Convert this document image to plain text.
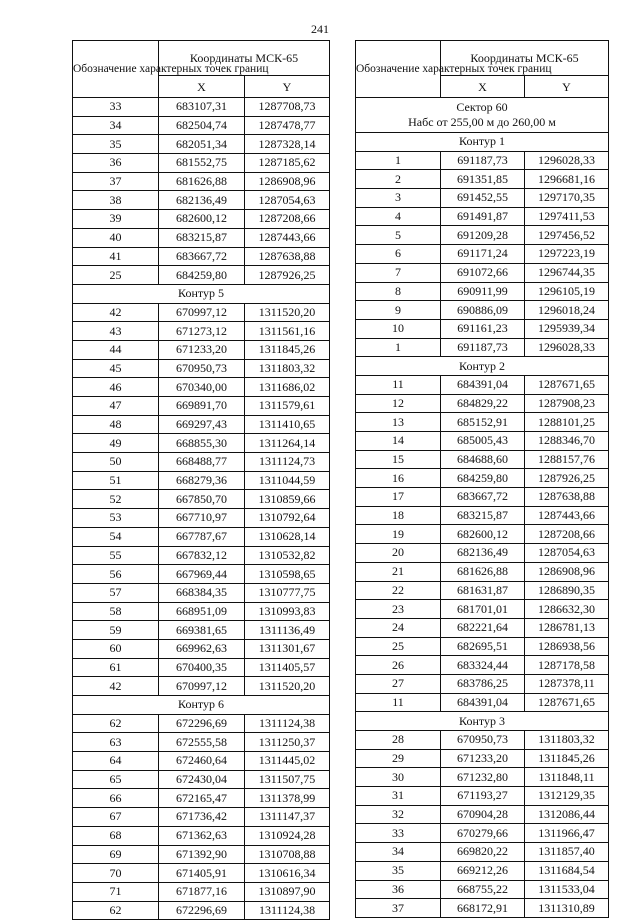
241
Обозначение характерных точек границ	Координаты МСК-65	
	X	Y
33	683107,31	1287708,73
34	682504,74	1287478,77
35	682051,34	1287328,14
36	681552,75	1287185,62
37	681626,88	1286908,96
38	682136,49	1287054,63
39	682600,12	1287208,66
40	683215,87	1287443,66
41	683667,72	1287638,88
25	684259,80	1287926,25
Контур 5		
42	670997,12	1311520,20
43	671273,12	1311561,16
44	671233,20	1311845,26
45	670950,73	1311803,32
46	670340,00	1311686,02
47	669891,70	1311579,61
48	669297,43	1311410,65
49	668855,30	1311264,14
50	668488,77	1311124,73
51	668279,36	1311044,59
52	667850,70	1310859,66
53	667710,97	1310792,64
54	667787,67	1310628,14
55	667832,12	1310532,82
56	667969,44	1310598,65
57	668384,35	1310777,75
58	668951,09	1310993,83
59	669381,65	1311136,49
60	669962,63	1311301,67
61	670400,35	1311405,57
42	670997,12	1311520,20
Контур 6		
62	672296,69	1311124,38
63	672555,58	1311250,37
64	672460,64	1311445,02
65	672430,04	1311507,75
66	672165,47	1311378,99
67	671736,42	1311147,37
68	671362,63	1310924,28
69	671392,90	1310708,88
70	671405,91	1310616,34
71	671877,16	1310897,90
62	672296,69	1311124,38
Обозначение характерных точек границ	Координаты МСК-65	
	X	Y

Сектор 60
Набс от 255,00 м до 260,00 м		

Контур 1		
1	691187,73	1296028,33
2	691351,85	1296681,16
3	691452,55	1297170,35
4	691491,87	1297411,53
5	691209,28	1297456,52
6	691171,24	1297223,19
7	691072,66	1296744,35
8	690911,99	1296105,19
9	690886,09	1296018,24
10	691161,23	1295939,34
1	691187,73	1296028,33
Контур 2		
11	684391,04	1287671,65
12	684829,22	1287908,23
13	685152,91	1288101,25
14	685005,43	1288346,70
15	684688,60	1288157,76
16	684259,80	1287926,25
17	683667,72	1287638,88
18	683215,87	1287443,66
19	682600,12	1287208,66
20	682136,49	1287054,63
21	681626,88	1286908,96
22	681631,87	1286890,35
23	681701,01	1286632,30
24	682221,64	1286781,13
25	682695,51	1286938,56
26	683324,44	1287178,58
27	683786,25	1287378,11
11	684391,04	1287671,65
Контур 3		
28	670950,73	1311803,32
29	671233,20	1311845,26
30	671232,80	1311848,11
31	671193,27	1312129,35
32	670904,28	1312086,44
33	670279,66	1311966,47
34	669820,22	1311857,40
35	669212,26	1311684,54
36	668755,22	1311533,04
37	668172,91	1311310,89
